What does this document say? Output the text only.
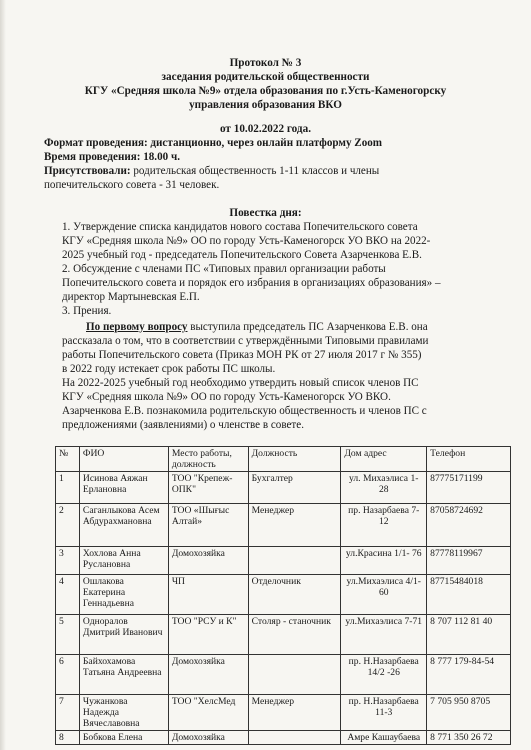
Протокол № 3
заседания родительской общественности
КГУ «Средняя школа №9» отдела образования по г.Усть-Каменогорску
управления образования ВКО
от 10.02.2022 года.
Формат проведения: дистанционно, через онлайн платформу Zoom
Время проведения: 18.00 ч.
Присутствовали: родительская общественность 1-11 классов и члены
попечительского совета - 31 человек.
Повестка дня:
1. Утверждение списка кандидатов нового состава Попечительского совета
КГУ «Средняя школа №9» ОО по городу Усть-Каменогорск УО ВКО на 2022-
2025 учебный год - председатель Попечительского Совета Азарченкова Е.В.
2. Обсуждение с членами ПС «Типовых правил организации работы
Попечительского совета и порядок его избрания в организациях образования» –
директор Мартыневская Е.П.
3. Прения.
По первому вопросу выступила председатель ПС Азарченкова Е.В. она
рассказала о том, что в соответствии с утверждёнными Типовыми правилами
работы Попечительского совета (Приказ МОН РК от 27 июля 2017 г № 355)
в 2022 году истекает срок работы ПС школы.
На 2022-2025 учебный год необходимо утвердить новый список членов ПС
КГУ «Средняя школа №9» ОО по городу Усть-Каменогорск УО ВКО.
Азарченкова Е.В. познакомила родительскую общественность и членов ПС с
предложениями (заявлениями) о членстве в совете.
№	ФИО	Место работы, должность	Должность	Дом адрес	Телефон
1	Исинова Аяжан Ерлановна	ТОО "Крепеж-ОПК"	Бухгалтер	ул. Михаэлиса 1-28	87775171199
2	Саганлыкова Асем Абдурахмановна	ТОО «Шығыс Алтай»	Менеджер	пр. Назарбаева 7-12	87058724692
3	Хохлова Анна Руслановна	Домохозяйка		ул.Красина 1/1- 76	87778119967
4	Ошлакова Екатерина Геннадьевна	ЧП	Отделочник	ул.Михаэлиса 4/1-60	87715484018
5	Одноралов Дмитрий Иванович	ТОО "РСУ и К"	Столяр - станочник	ул.Михаэлиса 7-71	8 707 112 81 40
6	Байхохамова Татьяна Андреевна	Домохозяйка		пр. Н.Назарбаева 14/2 -26	8 777 179-84-54
7	Чужанкова Надежда Вячеславовна	ТОО "ХелсМед	Менеджер	пр. Н.Назарбаева 11-3	7 705 950 8705
8	Бобкова Елена	Домохозяйка		Амре Кашаубаева	8 771 350 26 72
